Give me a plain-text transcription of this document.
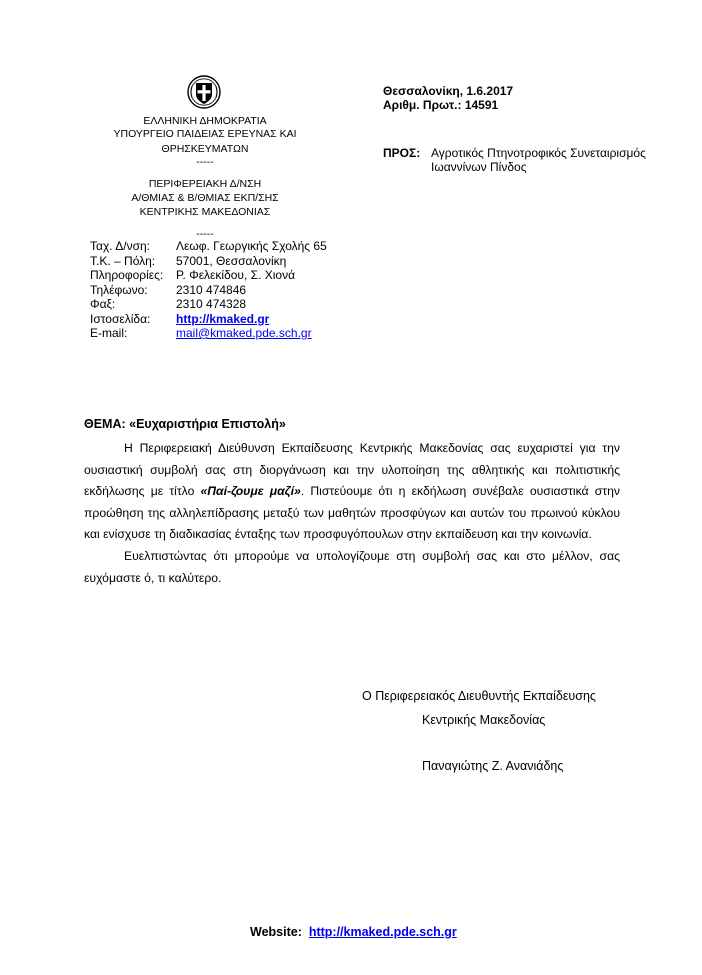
ΕΛΛΗΝΙΚΗ ΔΗΜΟΚΡΑΤΙΑ
ΥΠΟΥΡΓΕΙΟ ΠΑΙΔΕΙΑΣ ΕΡΕΥΝΑΣ ΚΑΙ
ΘΡΗΣΚΕΥΜΑΤΩΝ
-----
ΠΕΡΙΦΕΡΕΙΑΚΗ Δ/ΝΣΗ
Α/ΘΜΙΑΣ & Β/ΘΜΙΑΣ ΕΚΠ/ΣΗΣ
ΚΕΝΤΡΙΚΗΣ ΜΑΚΕΔΟΝΙΑΣ
-----
Ταχ. Δ/νση:	Λεωφ. Γεωργικής Σχολής 65
Τ.Κ. – Πόλη:	57001, Θεσσαλονίκη
Πληροφορίες:	Ρ. Φελεκίδου, Σ. Χιονά
Τηλέφωνο:	2310 474846
Φαξ:	2310 474328
Ιστοσελίδα:	http://kmaked.gr
E-mail:	mail@kmaked.pde.sch.gr
Θεσσαλονίκη, 1.6.2017
Αριθμ. Πρωτ.: 14591
ΠΡΟΣ: Αγροτικός Πτηνοτροφικός Συνεταιρισμός
Ιωαννίνων Πίνδος
ΘΕΜΑ: «Ευχαριστήρια Επιστολή»

Η Περιφερειακή Διεύθυνση Εκπαίδευσης Κεντρικής Μακεδονίας σας ευχαριστεί για την ουσιαστική συμβολή σας στη διοργάνωση και την υλοποίηση της αθλητικής και πολιτιστικής εκδήλωσης με τίτλο «Παί-ζουμε μαζί». Πιστεύουμε ότι η εκδήλωση συνέβαλε ουσιαστικά στην προώθηση της αλληλεπίδρασης μεταξύ των μαθητών προσφύγων και αυτών του πρωινού κύκλου και ενίσχυσε τη διαδικασίας ένταξης των προσφυγόπουλων στην εκπαίδευση και την κοινωνία.

Ευελπιστώντας ότι μπορούμε να υπολογίζουμε στη συμβολή σας και στο μέλλον, σας ευχόμαστε ό, τι καλύτερο.

Ο Περιφερειακός Διευθυντής Εκπαίδευσης
Κεντρικής Μακεδονίας
Παναγιώτης Ζ. Ανανιάδης
Website: http://kmaked.pde.sch.gr
